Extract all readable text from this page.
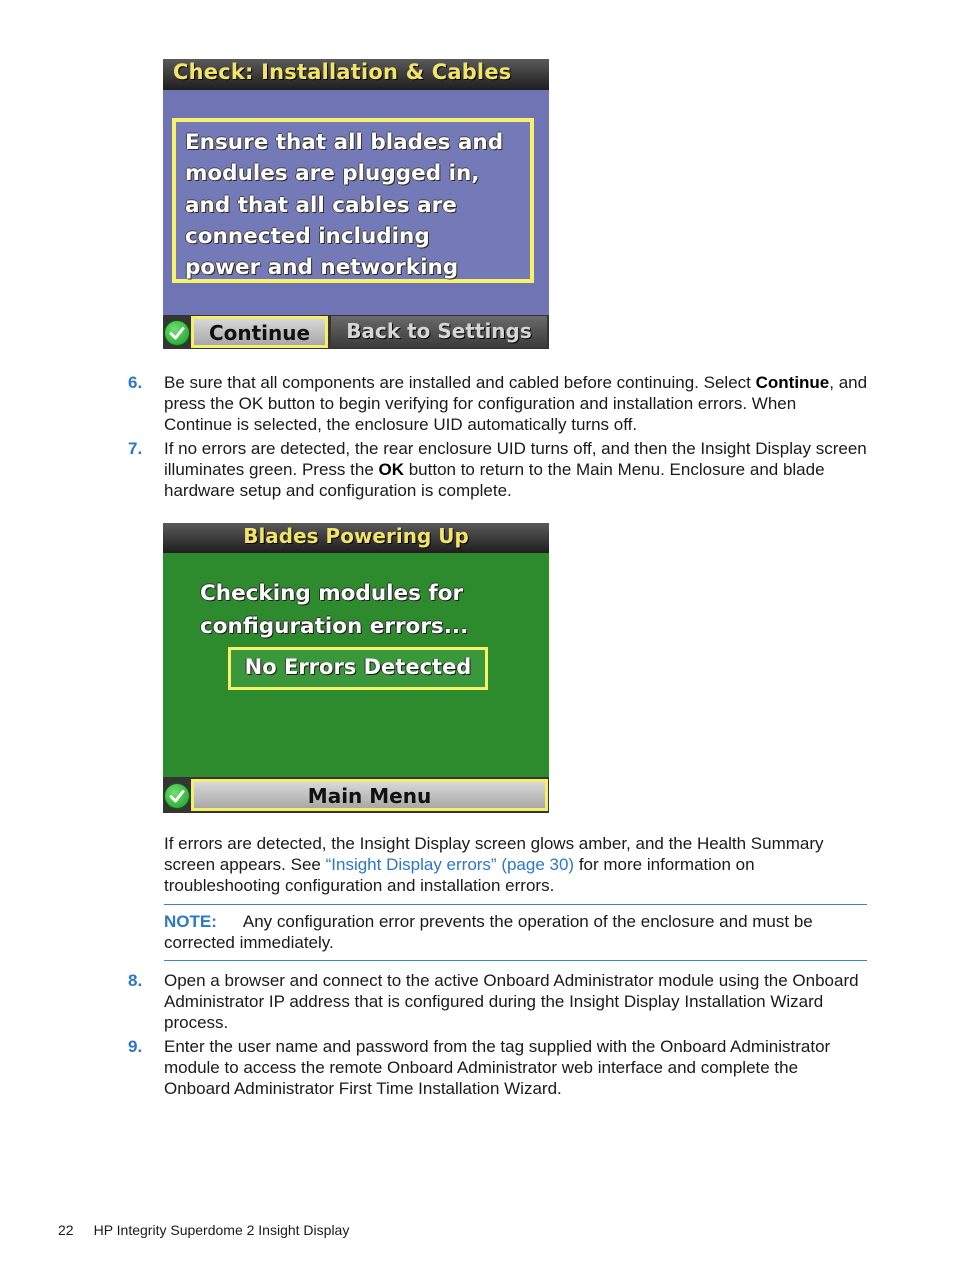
Check: Installation & Cables
Ensure that all blades and
modules are plugged in,
and that all cables are
connected including
power and networking
Continue	Back to Settings
6. Be sure that all components are installed and cabled before continuing. Select Continue, and press the OK button to begin verifying for configuration and installation errors. When Continue is selected, the enclosure UID automatically turns off.
7. If no errors are detected, the rear enclosure UID turns off, and then the Insight Display screen illuminates green. Press the OK button to return to the Main Menu. Enclosure and blade hardware setup and configuration is complete.
Blades Powering Up
Checking modules for
configuration errors...
No Errors Detected
Main Menu
If errors are detected, the Insight Display screen glows amber, and the Health Summary screen appears. See “Insight Display errors” (page 30) for more information on troubleshooting configuration and installation errors.
NOTE: Any configuration error prevents the operation of the enclosure and must be corrected immediately.
8. Open a browser and connect to the active Onboard Administrator module using the Onboard Administrator IP address that is configured during the Insight Display Installation Wizard process.
9. Enter the user name and password from the tag supplied with the Onboard Administrator module to access the remote Onboard Administrator web interface and complete the Onboard Administrator First Time Installation Wizard.
22 HP Integrity Superdome 2 Insight Display
